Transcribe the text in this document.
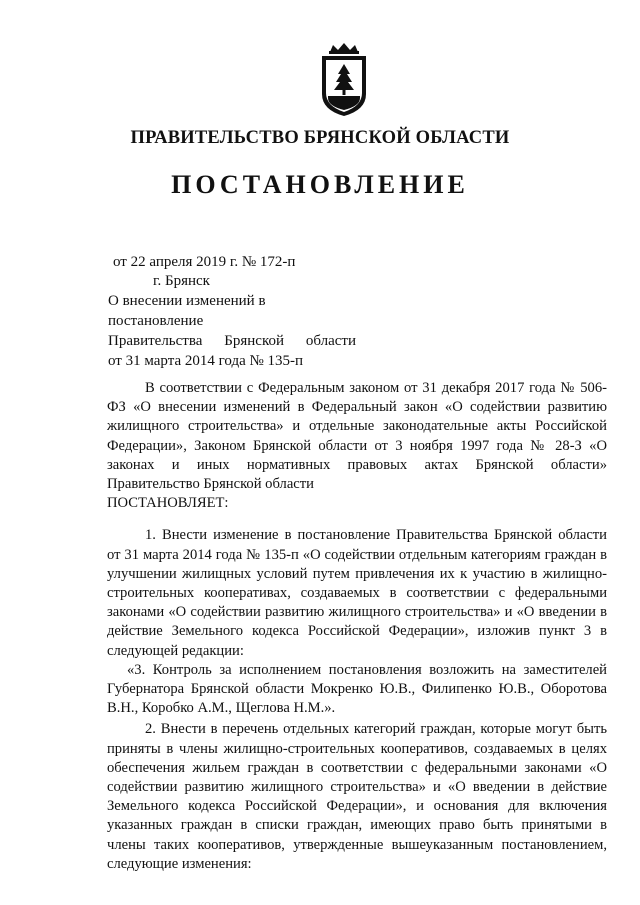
ПРАВИТЕЛЬСТВО БРЯНСКОЙ ОБЛАСТИ
ПОСТАНОВЛЕНИЕ
от 22 апреля 2019 г. № 172-п
г. Брянск
О внесении изменений в постановление
Правительства Брянской области
от 31 марта 2014 года № 135-п

В соответствии с Федеральным законом от 31 декабря 2017 года № 506-ФЗ «О внесении изменений в Федеральный закон «О содействии развитию жилищного строительства» и отдельные законодательные акты Российской Федерации», Законом Брянской области от 3 ноября 1997 года № 28-З «О законах и иных нормативных правовых актах Брянской области» Правительство Брянской области

ПОСТАНОВЛЯЕТ:

1. Внести изменение в постановление Правительства Брянской области от 31 марта 2014 года № 135-п «О содействии отдельным категориям граждан в улучшении жилищных условий путем привлечения их к участию в жилищно-строительных кооперативах, создаваемых в соответствии с федеральными законами «О содействии развитию жилищного строительства» и «О введении в действие Земельного кодекса Российской Федерации», изложив пункт 3 в следующей редакции:

«3. Контроль за исполнением постановления возложить на заместителей Губернатора Брянской области Мокренко Ю.В., Филипенко Ю.В., Оборотова В.Н., Коробко А.М., Щеглова Н.М.».

2. Внести в перечень отдельных категорий граждан, которые могут быть приняты в члены жилищно-строительных кооперативов, создаваемых в целях обеспечения жильем граждан в соответствии с федеральными законами «О содействии развитию жилищного строительства» и «О введении в действие Земельного кодекса Российской Федерации», и основания для включения указанных граждан в списки граждан, имеющих право быть принятыми в члены таких кооперативов, утвержденные вышеуказанным постановлением, следующие изменения:
